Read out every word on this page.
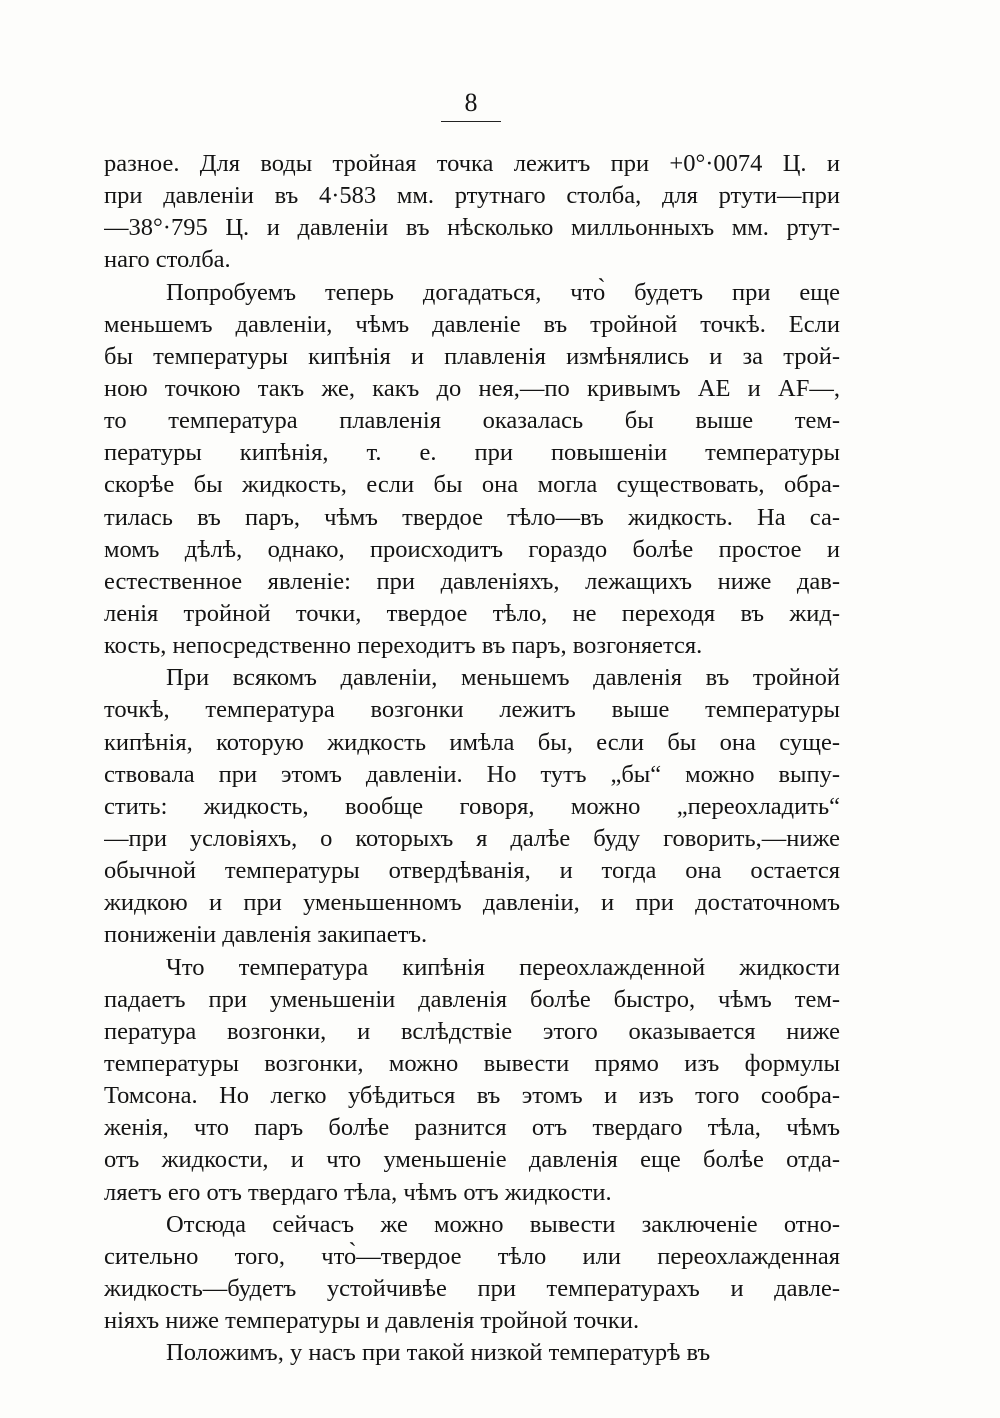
8
разное. Для воды тройная точка лежитъ при +0°·0074 Ц. и
при давленіи въ 4·583 мм. ртутнаго столба, для ртути—при
—38°·795 Ц. и давленіи въ нѣсколько милльонныхъ мм. ртут-
наго столба.
Попробуемъ теперь догадаться, что̀ будетъ при еще
меньшемъ давленіи, чѣмъ давленіе въ тройной точкѣ. Если
бы температуры кипѣнія и плавленія измѣнялись и за трой-
ною точкою такъ же, какъ до нея,—по кривымъ AE и AF—,
то температура плавленія оказалась бы выше тем-
пературы кипѣнія, т. е. при повышеніи температуры
скорѣе бы жидкость, если бы она могла существовать, обра-
тилась въ паръ, чѣмъ твердое тѣло—въ жидкость. На са-
момъ дѣлѣ, однако, происходитъ гораздо болѣе простое и
естественное явленіе: при давленіяхъ, лежащихъ ниже дав-
ленія тройной точки, твердое тѣло, не переходя въ жид-
кость, непосредственно переходитъ въ паръ, возгоняется.
При всякомъ давленіи, меньшемъ давленія въ тройной
точкѣ, температура возгонки лежитъ выше температуры
кипѣнія, которую жидкость имѣла бы, если бы она суще-
ствовала при этомъ давленіи. Но тутъ „бы“ можно выпу-
стить: жидкость, вообще говоря, можно „переохладить“
—при условіяхъ, о которыхъ я далѣе буду говорить,—ниже
обычной температуры отвердѣванія, и тогда она остается
жидкою и при уменьшенномъ давленіи, и при достаточномъ
пониженіи давленія закипаетъ.
Что температура кипѣнія переохлажденной жидкости
падаетъ при уменьшеніи давленія болѣе быстро, чѣмъ тем-
пература возгонки, и вслѣдствіе этого оказывается ниже
температуры возгонки, можно вывести прямо изъ формулы
Томсона. Но легко убѣдиться въ этомъ и изъ того сообра-
женія, что паръ болѣе разнится отъ твердаго тѣла, чѣмъ
отъ жидкости, и что уменьшеніе давленія еще болѣе отда-
ляетъ его отъ твердаго тѣла, чѣмъ отъ жидкости.
Отсюда сейчасъ же можно вывести заключеніе отно-
сительно того, что̀—твердое тѣло или переохлажденная
жидкость—будетъ устойчивѣе при температурахъ и давле-
ніяхъ ниже температуры и давленія тройной точки.
Положимъ, у насъ при такой низкой температурѣ въ
